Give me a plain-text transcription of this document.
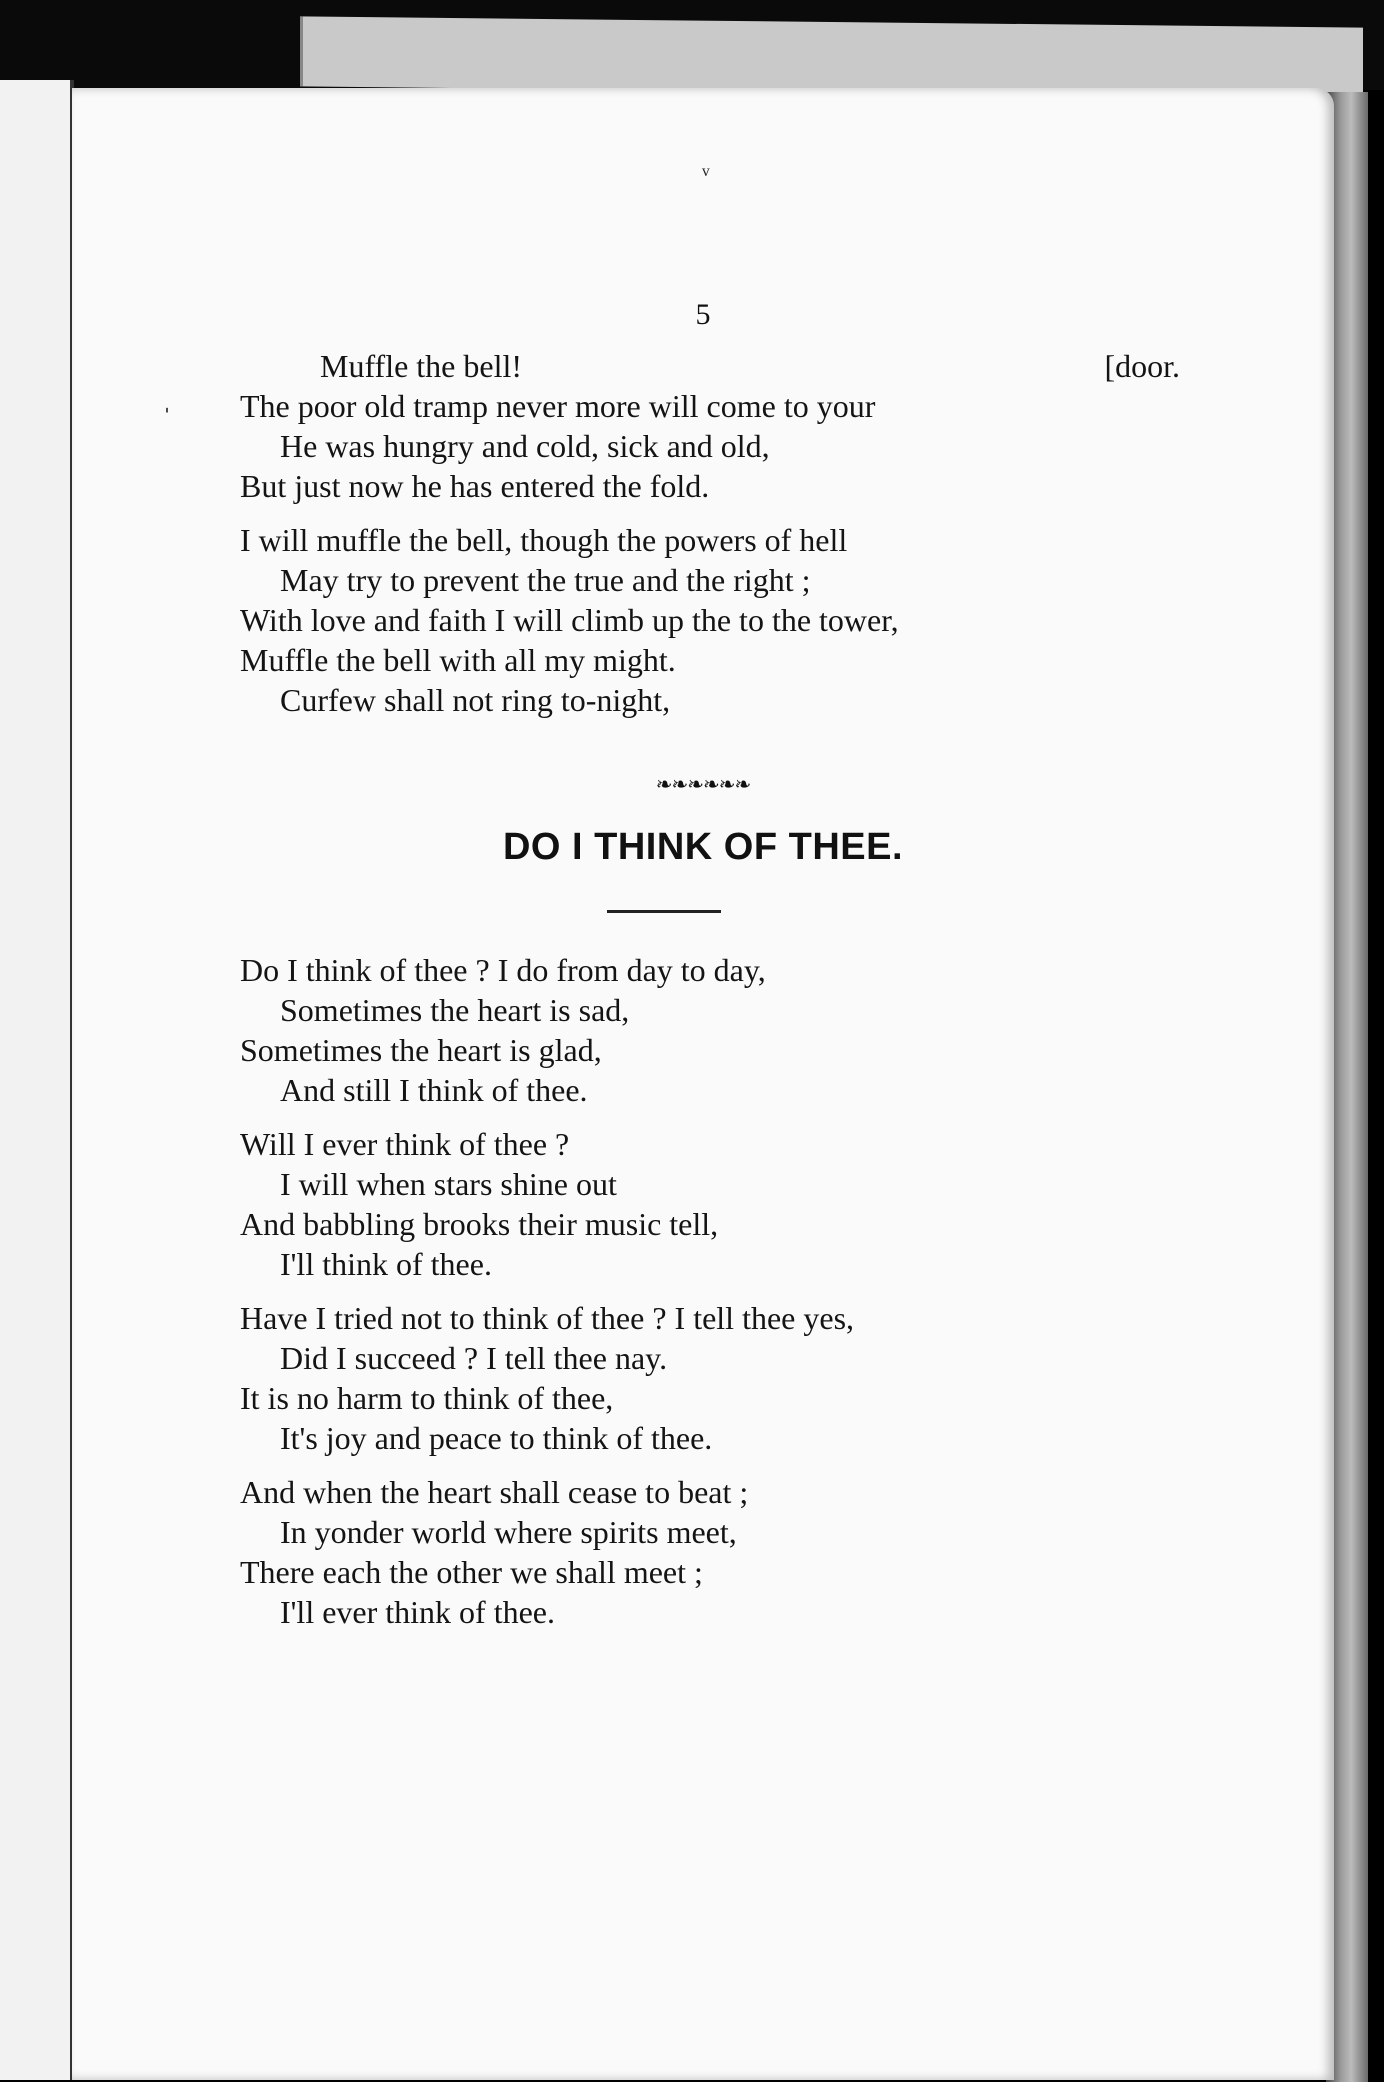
ᵛ
ˌ
5
Muffle the bell!	[door.
The poor old tramp never more will come to your
He was hungry and cold, sick and old,
But just now he has entered the fold.
I will muffle the bell, though the powers of hell
May try to prevent the true and the right ;
With love and faith I will climb up the to the tower,
Muffle the bell with all my might.
Curfew shall not ring to-night,
❧❧❧❧❧❧
DO I THINK OF THEE.
Do I think of thee ? I do from day to day,
Sometimes the heart is sad,
Sometimes the heart is glad,
And still I think of thee.
Will I ever think of thee ?
I will when stars shine out
And babbling brooks their music tell,
I'll think of thee.
Have I tried not to think of thee ? I tell thee yes,
Did I succeed ? I tell thee nay.
It is no harm to think of thee,
It's joy and peace to think of thee.
And when the heart shall cease to beat ;
In yonder world where spirits meet,
There each the other we shall meet ;
I'll ever think of thee.
